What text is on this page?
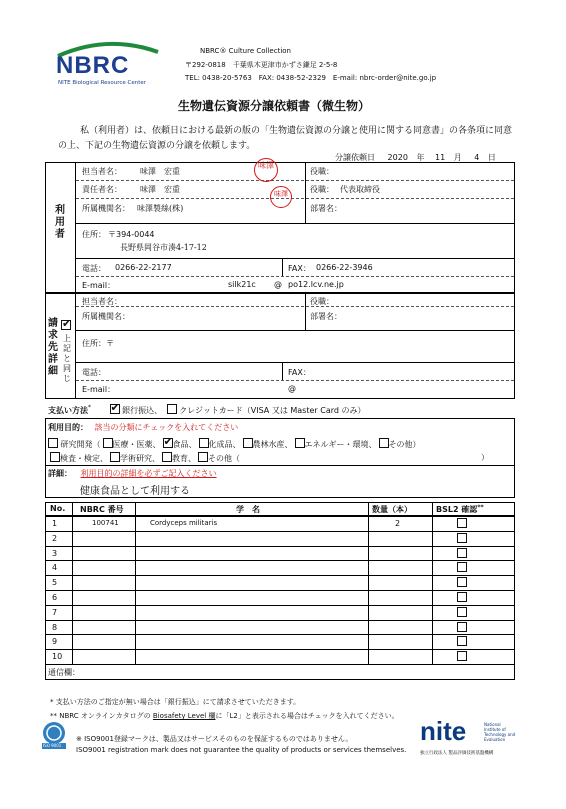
NBRC
NITE Biological Resource Center
NBRC® Culture Collection
〒292-0818　千葉県木更津市かずさ鎌足 2-5-8
TEL: 0438-20-5763　FAX: 0438-52-2329　E-mail: nbrc-order@nite.go.jp
生物遺伝資源分譲依頼書（微生物）
私（利用者）は、依頼日における最新の版の「生物遺伝資源の分譲と使用に関する同意書」の各条項に同意の上、下記の生物遺伝資源の分譲を依頼します。
分譲依頼日 2020 年 11 月 4 日
利用者
請求先詳細
✔
上記と同じ
担当者名： 味澤　宏重	役職：
責任者名： 味澤　宏重	役職： 代表取締役
所属機関名： 味澤製絲(株)	部署名：
味澤
味澤
住所： 〒394-0044
長野県岡谷市湊4-17-12
電話： 0266-22-2177	FAX： 0266-22-3946
E-mail：	silk21c @ po12.lcv.ne.jp
担当者名：	役職：
所属機関名：	部署名：
住所：〒
電話：	FAX：
E-mail：	@
支払い方法* ✔	銀行振込、 クレジットカード（VISA 又は Master Card のみ）
利用目的： 該当の分類にチェックを入れてください
研究開発（ 医療・医薬、 ✔ 食品、 化成品、 農林水産、 エネルギー・環境、 その他）
検査・検定、 学術研究、 教育、 その他（	）
詳細： 利用目的の詳細を必ずご記入ください
健康食品として利用する
No. NBRC 番号	学　名	数量（本）	BSL2 確認**
1	100741	Cordyceps militaris	2
2
3
4
5
6
7
8
9
10
通信欄：
* 支払い方法のご指定が無い場合は「銀行振込」にて請求させていただきます。
** NBRC オンラインカタログの Biosafety Level 欄に「L2」と表示される場合はチェックを入れてください。
ISO 9001
※ ISO9001登録マークは、製品又はサービスそのものを保証するものではありません。
ISO9001 registration mark does not guarantee the quality of products or services themselves.
nite	National
Institute of
Technology and
Evaluation
独立行政法人 製品評価技術基盤機構
